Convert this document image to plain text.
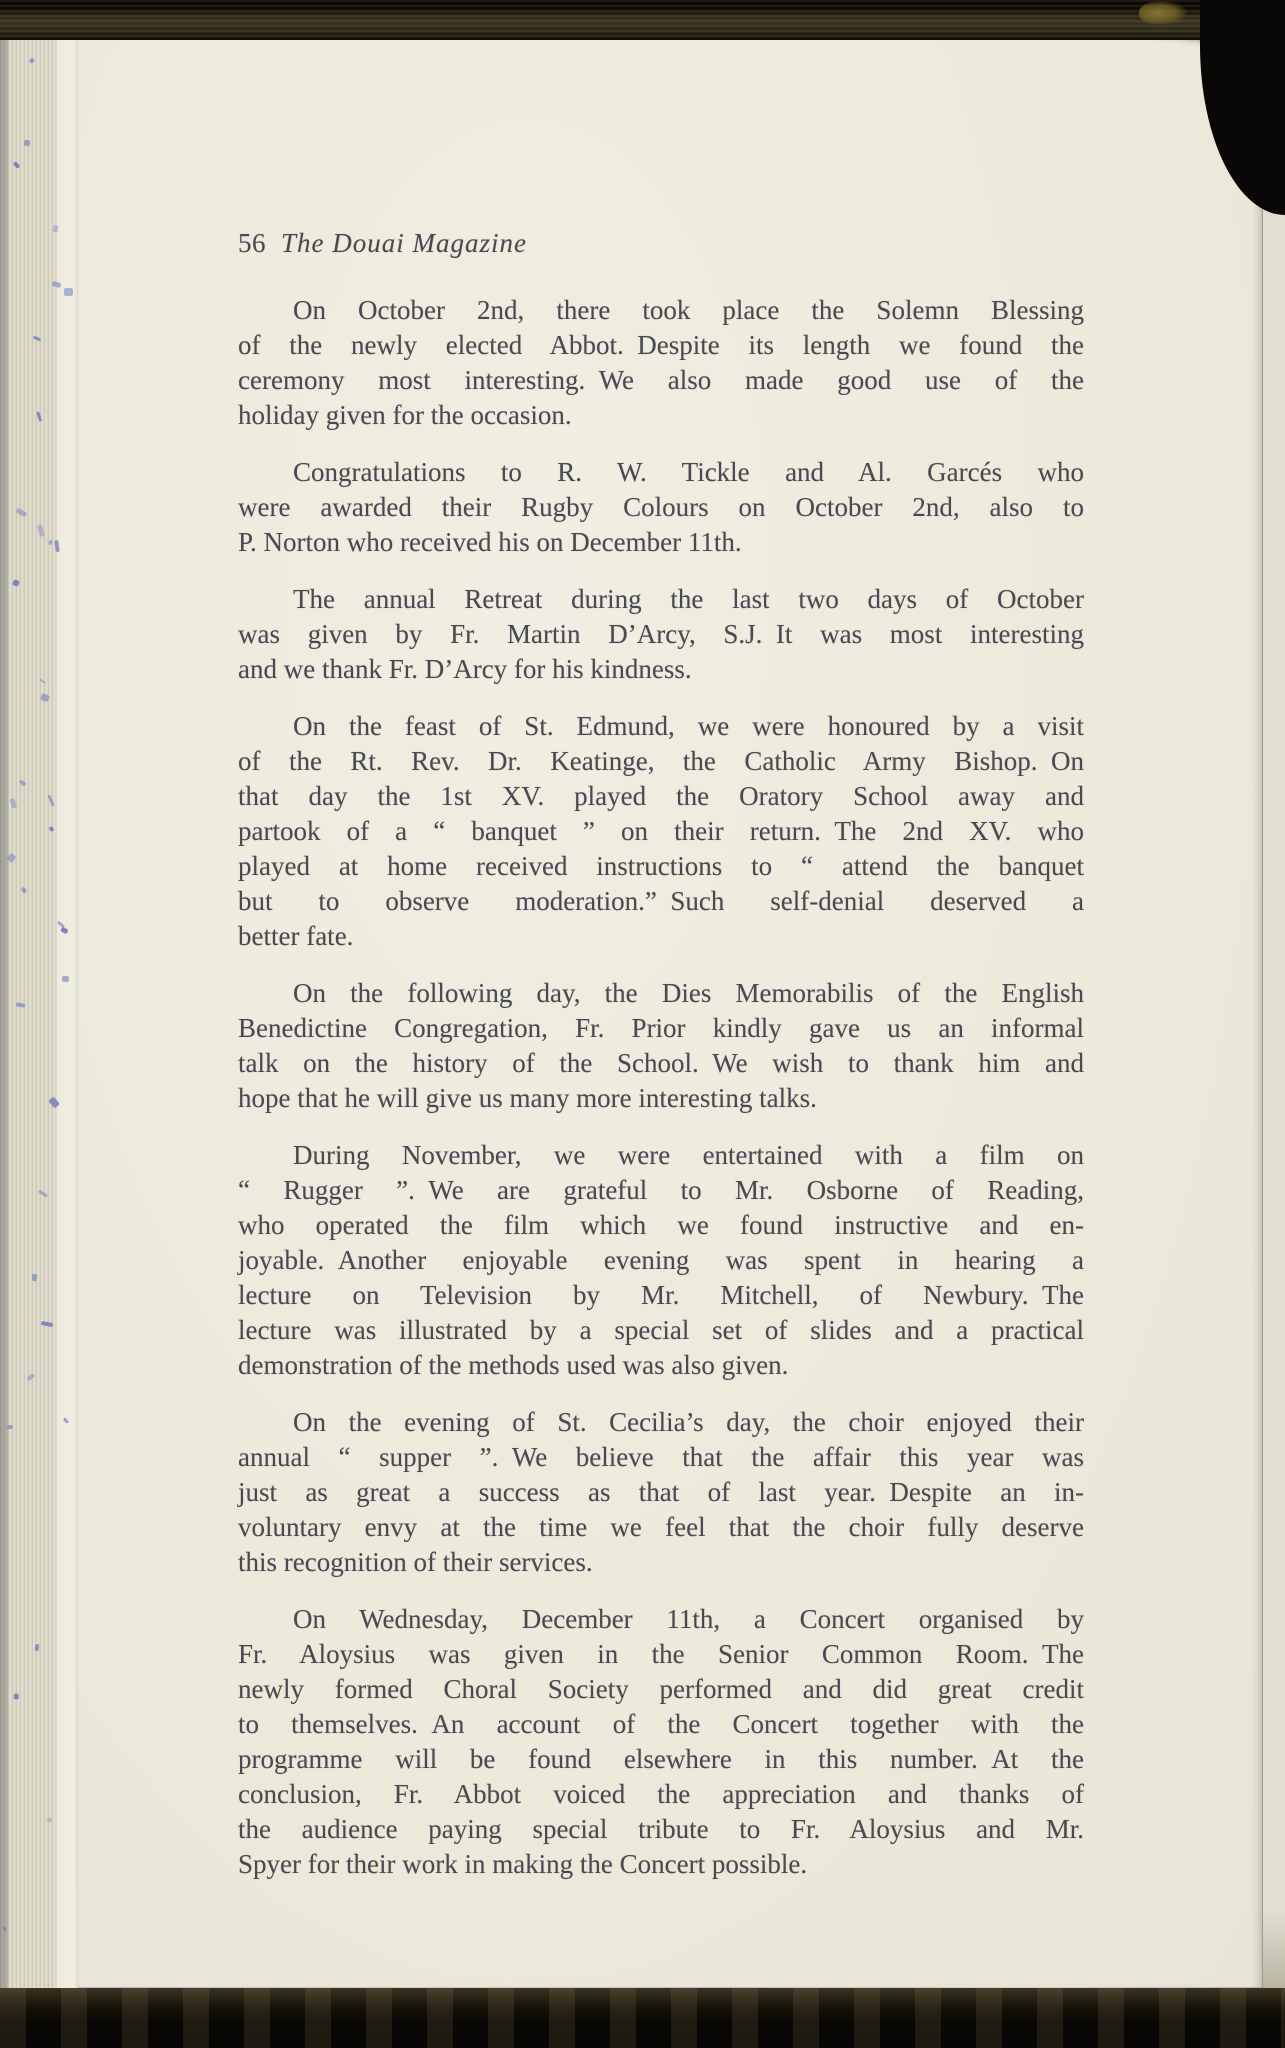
56 The Douai Magazine
On October 2nd, there took place the Solemn Blessing
of the newly elected Abbot. Despite its length we found the
ceremony most interesting. We also made good use of the
holiday given for the occasion.
Congratulations to R. W. Tickle and Al. Garcés who
were awarded their Rugby Colours on October 2nd, also to
P. Norton who received his on December 11th.
The annual Retreat during the last two days of October
was given by Fr. Martin D’Arcy, S.J. It was most interesting
and we thank Fr. D’Arcy for his kindness.
On the feast of St. Edmund, we were honoured by a visit
of the Rt. Rev. Dr. Keatinge, the Catholic Army Bishop. On
that day the 1st XV. played the Oratory School away and
partook of a “ banquet ” on their return. The 2nd XV. who
played at home received instructions to “ attend the banquet
but to observe moderation.” Such self-denial deserved a
better fate.
On the following day, the Dies Memorabilis of the English
Benedictine Congregation, Fr. Prior kindly gave us an informal
talk on the history of the School. We wish to thank him and
hope that he will give us many more interesting talks.
During November, we were entertained with a film on
“ Rugger ”. We are grateful to Mr. Osborne of Reading,
who operated the film which we found instructive and en-
joyable. Another enjoyable evening was spent in hearing a
lecture on Television by Mr. Mitchell, of Newbury. The
lecture was illustrated by a special set of slides and a practical
demonstration of the methods used was also given.
On the evening of St. Cecilia’s day, the choir enjoyed their
annual “ supper ”. We believe that the affair this year was
just as great a success as that of last year. Despite an in-
voluntary envy at the time we feel that the choir fully deserve
this recognition of their services.
On Wednesday, December 11th, a Concert organised by
Fr. Aloysius was given in the Senior Common Room. The
newly formed Choral Society performed and did great credit
to themselves. An account of the Concert together with the
programme will be found elsewhere in this number. At the
conclusion, Fr. Abbot voiced the appreciation and thanks of
the audience paying special tribute to Fr. Aloysius and Mr.
Spyer for their work in making the Concert possible.
